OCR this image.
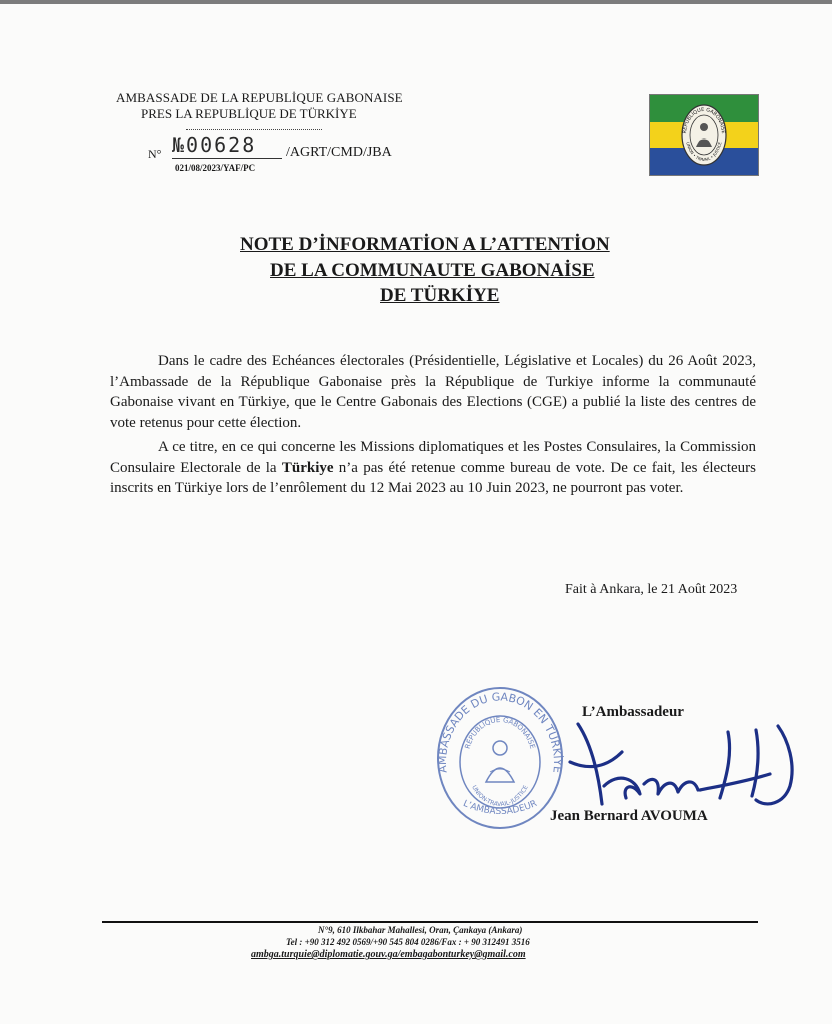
AMBASSADE DE LA REPUBLİQUE GABONAISE
PRES LA REPUBLİQUE DE TÜRKİYE
N° №00628 /AGRT/CMD/JBA
021/08/2023/YAF/PC
RÉPUBLIQUE GABONAISE
UNION • TRAVAIL • JUSTICE
NOTE D’İNFORMATİON A L’ATTENTİON
DE LA COMMUNAUTE GABONAİSE
DE TÜRKİYE
Dans le cadre des Echéances électorales (Présidentielle, Législative et Locales) du 26 Août 2023, l’Ambassade de la République Gabonaise près la République de Turkiye informe la communauté Gabonaise vivant en Türkiye, que le Centre Gabonais des Elections (CGE) a publié la liste des centres de vote retenus pour cette élection.
A ce titre, en ce qui concerne les Missions diplomatiques et les Postes Consulaires, la Commission Consulaire Electorale de la Türkiye n’a pas été retenue comme bureau de vote. De ce fait, les électeurs inscrits en Türkiye lors de l’enrôlement du 12 Mai 2023 au 10 Juin 2023, ne pourront pas voter.
Fait à Ankara, le 21 Août 2023
AMBASSADE DU GABON EN TÜRKİYE
RÉPUBLIQUE GABONAISE
UNION-TRAVAIL-JUSTICE
L’AMBASSADEUR
L’Ambassadeur
Jean Bernard AVOUMA
N°9, 610 Ilkbahar Mahallesi, Oran, Çankaya (Ankara)
Tel : +90 312 492 0569/+90 545 804 0286/Fax : + 90 312491 3516
ambga.turquie@diplomatie.gouv.ga/embagabonturkey@gmail.com
